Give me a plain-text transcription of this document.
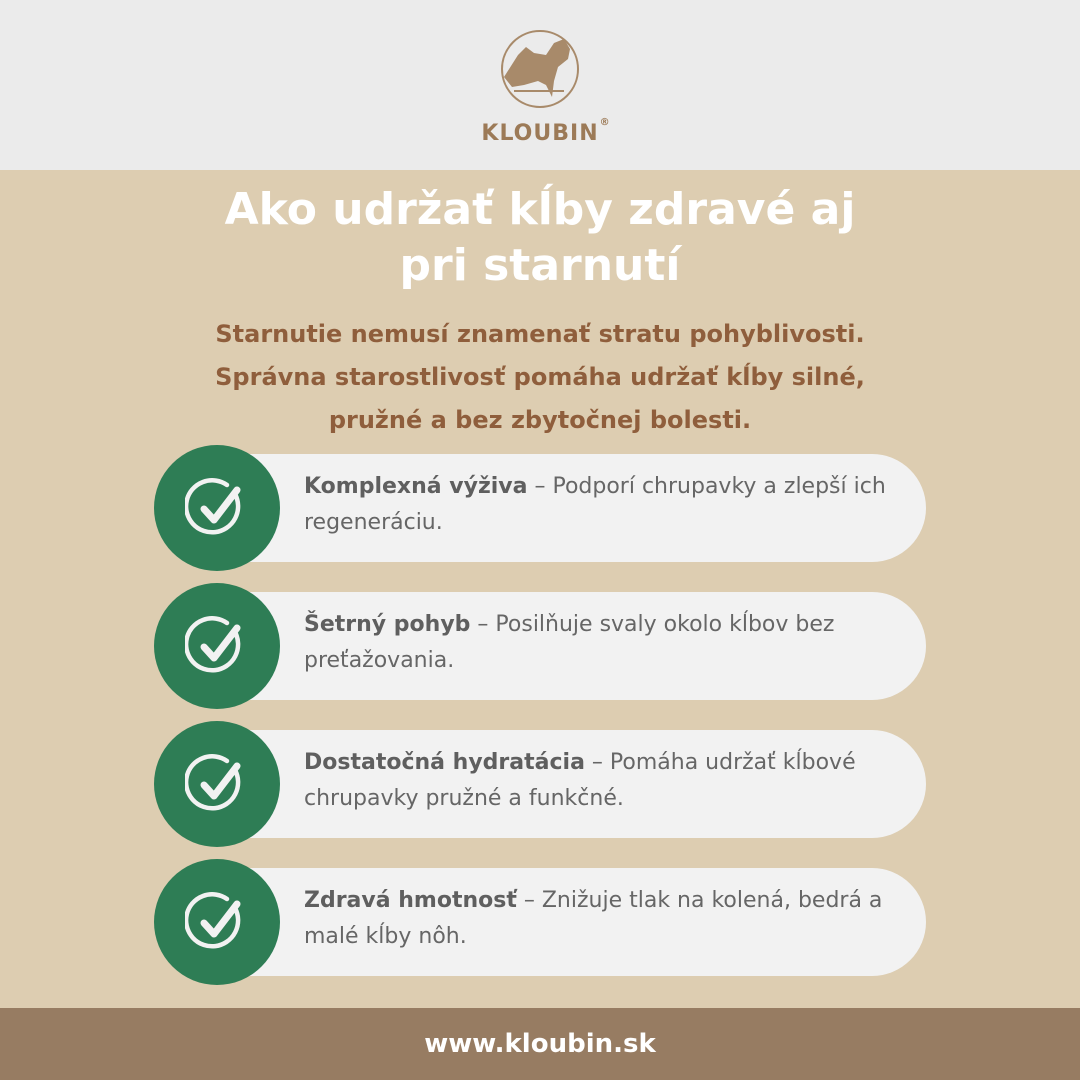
KLOUBIN ®
Ako udržať kĺby zdravé aj
pri starnutí
Starnutie nemusí znamenať stratu pohyblivosti.
Správna starostlivosť pomáha udržať kĺby silné,
pružné a bez zbytočnej bolesti.
Komplexná výživa – Podporí chrupavky a zlepší ich regeneráciu.
Šetrný pohyb – Posilňuje svaly okolo kĺbov bez preťažovania.
Dostatočná hydratácia – Pomáha udržať kĺbové chrupavky pružné a funkčné.
Zdravá hmotnosť – Znižuje tlak na kolená, bedrá a malé kĺby nôh.
www.kloubin.sk
